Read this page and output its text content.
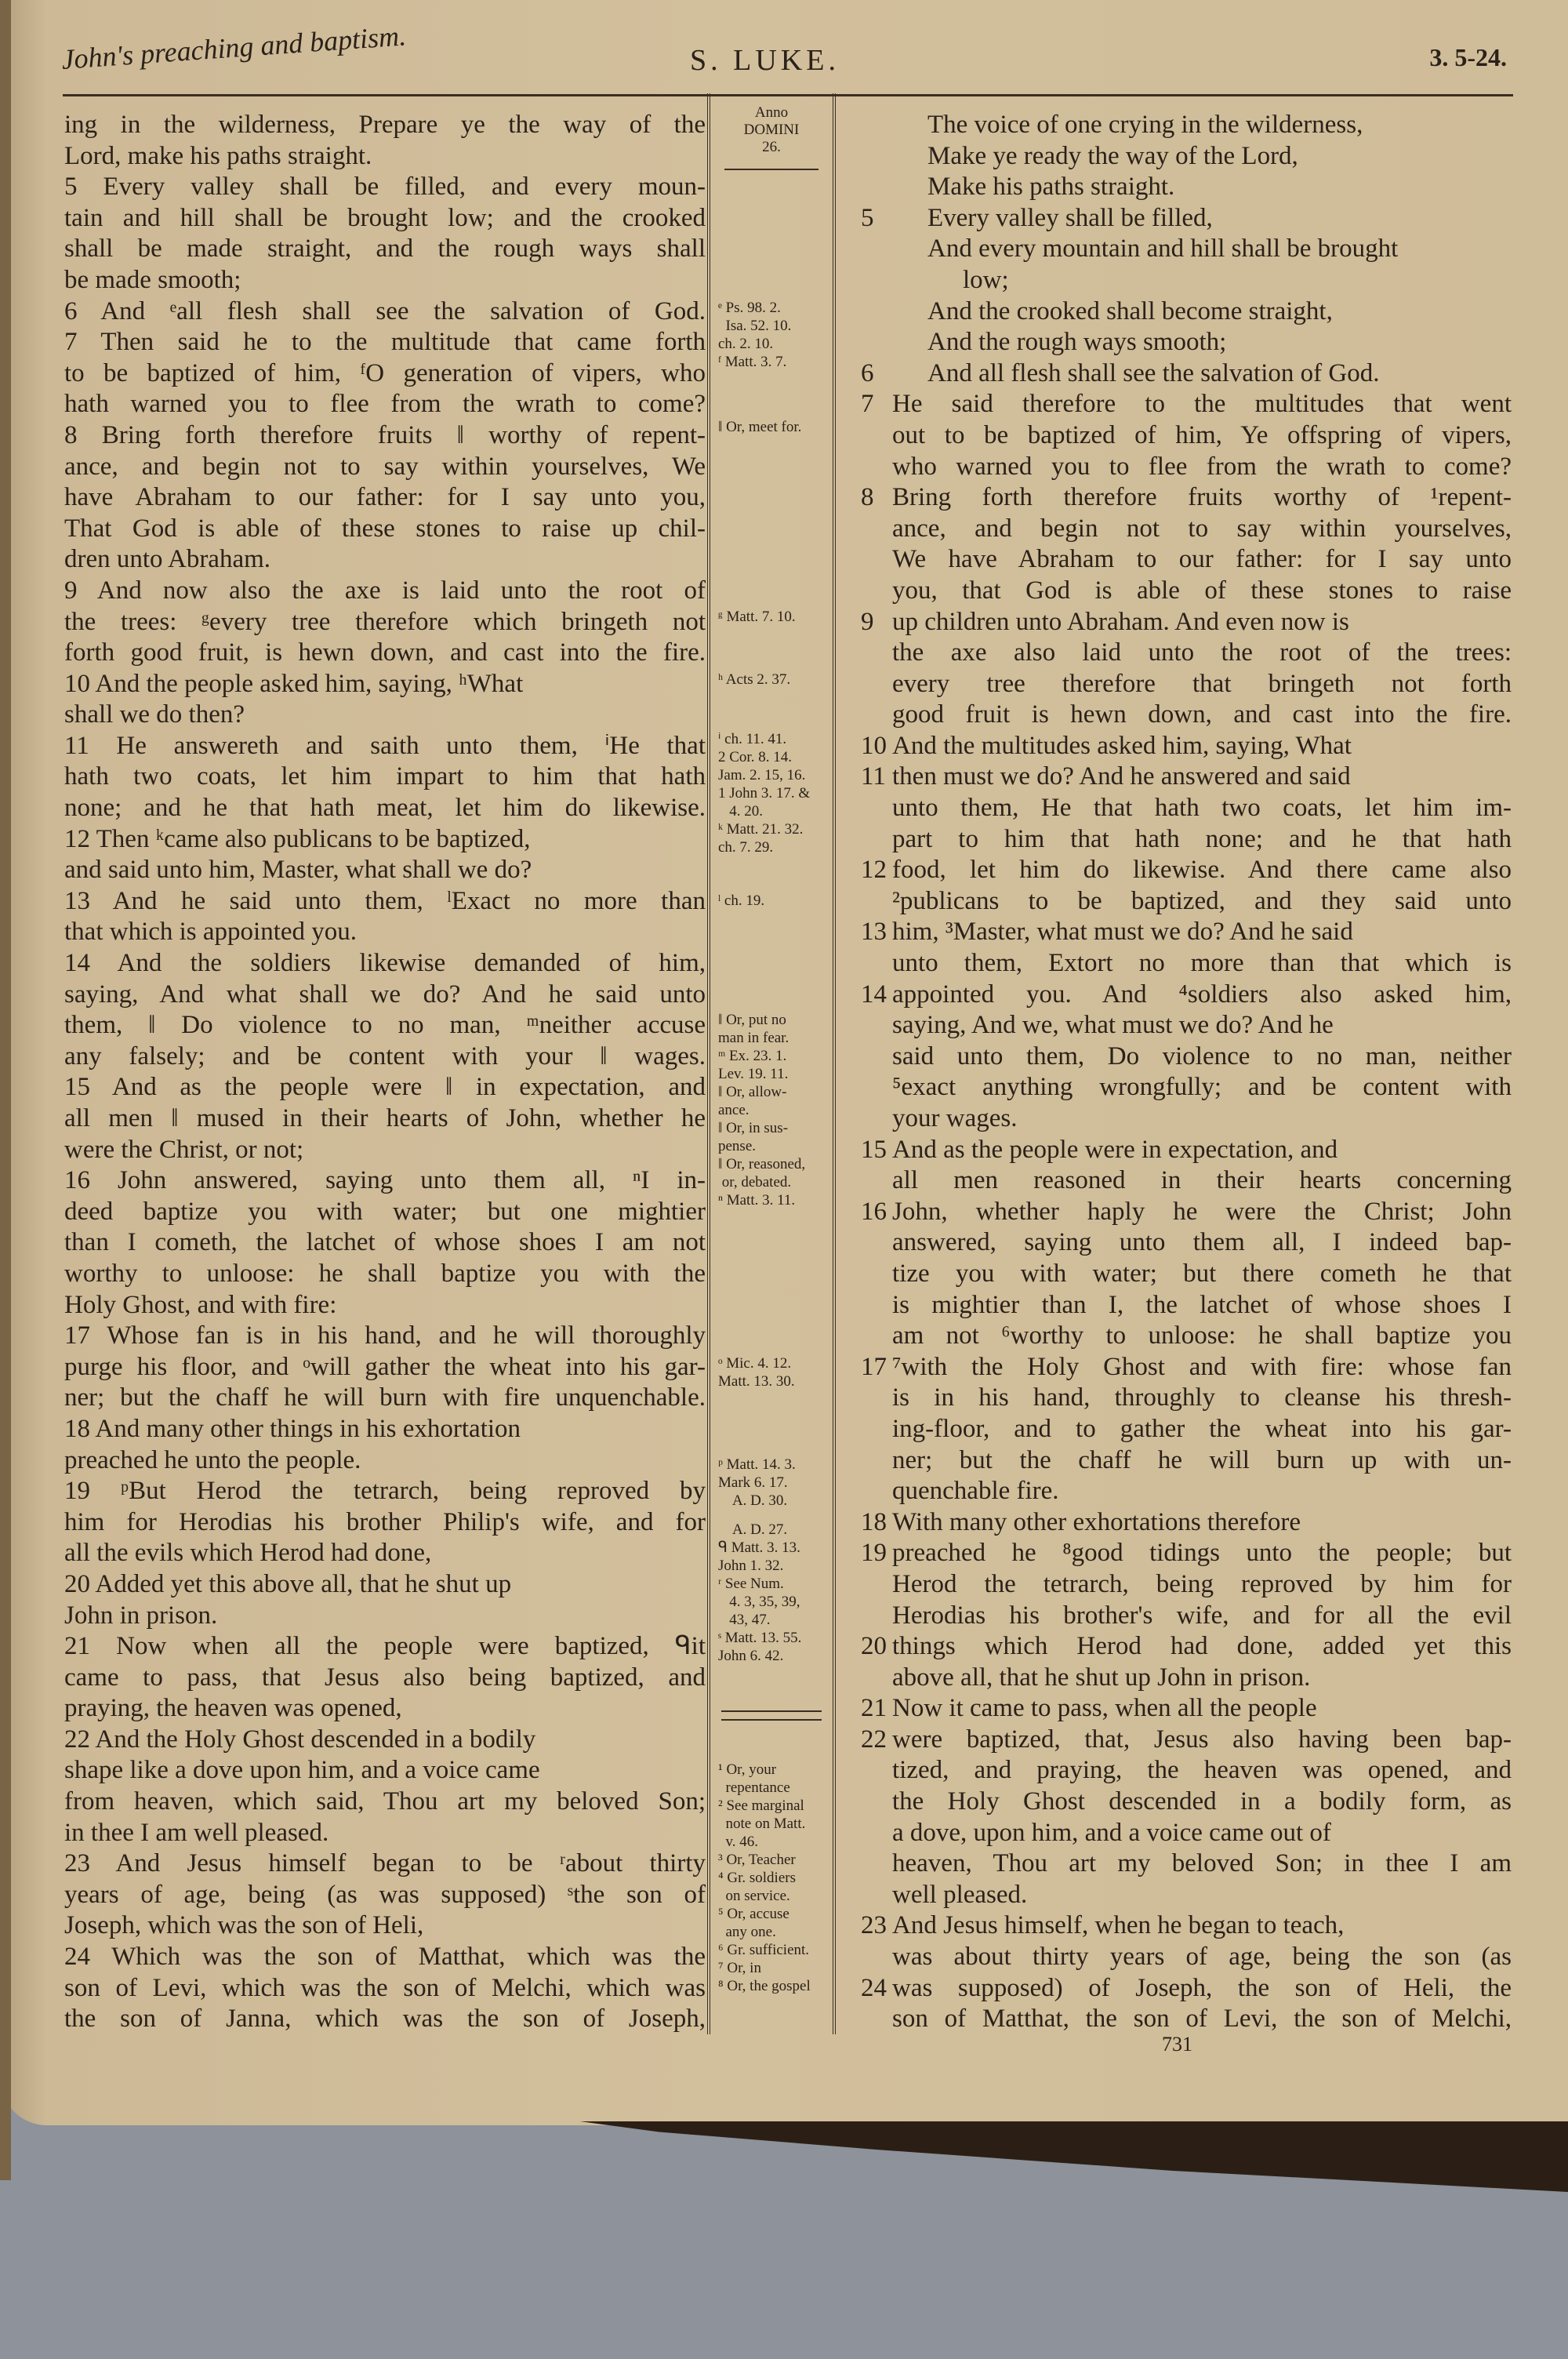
John's preaching and baptism.	S. LUKE.	3. 5-24.
ing in the wilderness, Prepare ye the way of the
Lord, make his paths straight.
5 Every valley shall be filled, and every moun-
tain and hill shall be brought low; and the crooked
shall be made straight, and the rough ways shall
be made smooth;
6 And ᵉall flesh shall see the salvation of God.
7 Then said he to the multitude that came forth
to be baptized of him, ᶠO generation of vipers, who
hath warned you to flee from the wrath to come?
8 Bring forth therefore fruits ‖ worthy of repent-
ance, and begin not to say within yourselves, We
have Abraham to our father: for I say unto you,
That God is able of these stones to raise up chil-
dren unto Abraham.
9 And now also the axe is laid unto the root of
the trees: ᵍevery tree therefore which bringeth not
forth good fruit, is hewn down, and cast into the fire.
10 And the people asked him, saying, ʰWhat
shall we do then?
11 He answereth and saith unto them, ⁱHe that
hath two coats, let him impart to him that hath
none; and he that hath meat, let him do likewise.
12 Then ᵏcame also publicans to be baptized,
and said unto him, Master, what shall we do?
13 And he said unto them, ˡExact no more than
that which is appointed you.
14 And the soldiers likewise demanded of him,
saying, And what shall we do? And he said unto
them, ‖ Do violence to no man, ᵐneither accuse
any falsely; and be content with your ‖ wages.
15 And as the people were ‖ in expectation, and
all men ‖ mused in their hearts of John, whether he
were the Christ, or not;
16 John answered, saying unto them all, ⁿI in-
deed baptize you with water; but one mightier
than I cometh, the latchet of whose shoes I am not
worthy to unloose: he shall baptize you with the
Holy Ghost, and with fire:
17 Whose fan is in his hand, and he will thoroughly
purge his floor, and ᵒwill gather the wheat into his gar-
ner; but the chaff he will burn with fire unquenchable.
18 And many other things in his exhortation
preached he unto the people.
19 ᵖBut Herod the tetrarch, being reproved by
him for Herodias his brother Philip's wife, and for
all the evils which Herod had done,
20 Added yet this above all, that he shut up
John in prison.
21 Now when all the people were baptized, ᑫit
came to pass, that Jesus also being baptized, and
praying, the heaven was opened,
22 And the Holy Ghost descended in a bodily
shape like a dove upon him, and a voice came
from heaven, which said, Thou art my beloved Son;
in thee I am well pleased.
23 And Jesus himself began to be ʳabout thirty
years of age, being (as was supposed) ˢthe son of
Joseph, which was the son of Heli,
24 Which was the son of Matthat, which was the
son of Levi, which was the son of Melchi, which was
the son of Janna, which was the son of Joseph,
Anno
DOMINI
26.
ᵉ Ps. 98. 2.
Isa. 52. 10.
ch. 2. 10.
ᶠ Matt. 3. 7.
‖ Or, meet for.
ᵍ Matt. 7. 10.
ʰ Acts 2. 37.
ⁱ ch. 11. 41.
2 Cor. 8. 14.
Jam. 2. 15, 16.
1 John 3. 17. &
4. 20.
ᵏ Matt. 21. 32.
ch. 7. 29.
ˡ ch. 19.
‖ Or, put no
man in fear.
ᵐ Ex. 23. 1.
Lev. 19. 11.
‖ Or, allow-
ance.
‖ Or, in sus-
pense.
‖ Or, reasoned,
or, debated.
ⁿ Matt. 3. 11.
ᵒ Mic. 4. 12.
Matt. 13. 30.
ᵖ Matt. 14. 3.
Mark 6. 17.
A. D. 30.
A. D. 27.
ᑫ Matt. 3. 13.
John 1. 32.
ʳ See Num.
4. 3, 35, 39,
43, 47.
ˢ Matt. 13. 55.
John 6. 42.
¹ Or, your
repentance
² See marginal
note on Matt.
v. 46.
³ Or, Teacher
⁴ Gr. soldiers
on service.
⁵ Or, accuse
any one.
⁶ Gr. sufficient.
⁷ Or, in
⁸ Or, the gospel
The voice of one crying in the wilderness,
Make ye ready the way of the Lord,
Make his paths straight.
5	Every valley shall be filled,
And every mountain and hill shall be brought
low;
And the crooked shall become straight,
And the rough ways smooth;
6	And all flesh shall see the salvation of God.
7 He said therefore to the multitudes that went
out to be baptized of him, Ye offspring of vipers,
who warned you to flee from the wrath to come?
8 Bring forth therefore fruits worthy of ¹repent-
ance, and begin not to say within yourselves,
We have Abraham to our father: for I say unto
you, that God is able of these stones to raise
9 up children unto Abraham. And even now is
the axe also laid unto the root of the trees:
every tree therefore that bringeth not forth
good fruit is hewn down, and cast into the fire.
10 And the multitudes asked him, saying, What
11 then must we do? And he answered and said
unto them, He that hath two coats, let him im-
part to him that hath none; and he that hath
12 food, let him do likewise. And there came also
²publicans to be baptized, and they said unto
13 him, ³Master, what must we do? And he said
unto them, Extort no more than that which is
14 appointed you. And ⁴soldiers also asked him,
saying, And we, what must we do? And he
said unto them, Do violence to no man, neither
⁵exact anything wrongfully; and be content with
your wages.
15 And as the people were in expectation, and
all men reasoned in their hearts concerning
16 John, whether haply he were the Christ; John
answered, saying unto them all, I indeed bap-
tize you with water; but there cometh he that
is mightier than I, the latchet of whose shoes I
am not ⁶worthy to unloose: he shall baptize you
17 ⁷with the Holy Ghost and with fire: whose fan
is in his hand, throughly to cleanse his thresh-
ing-floor, and to gather the wheat into his gar-
ner; but the chaff he will burn up with un-
quenchable fire.
18 With many other exhortations therefore
19 preached he ⁸good tidings unto the people; but
Herod the tetrarch, being reproved by him for
Herodias his brother's wife, and for all the evil
20 things which Herod had done, added yet this
above all, that he shut up John in prison.
21 Now it came to pass, when all the people
22 were baptized, that, Jesus also having been bap-
tized, and praying, the heaven was opened, and
the Holy Ghost descended in a bodily form, as
a dove, upon him, and a voice came out of
heaven, Thou art my beloved Son; in thee I am
well pleased.
23 And Jesus himself, when he began to teach,
was about thirty years of age, being the son (as
24 was supposed) of Joseph, the son of Heli, the
son of Matthat, the son of Levi, the son of Melchi,
731
